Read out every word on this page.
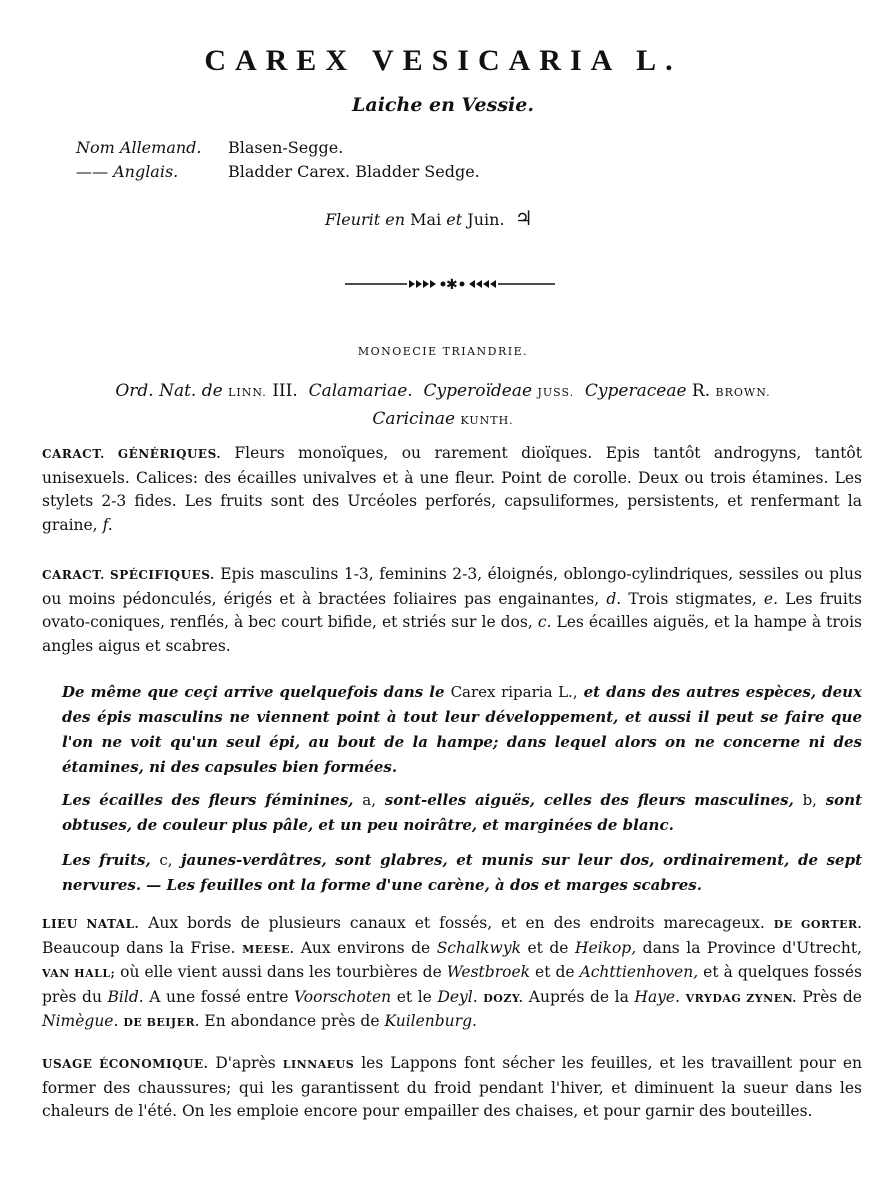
CAREX VESICARIA L.
Laiche en Vessie.
Nom Allemand.	Blasen-Segge.
—— Anglais.	Bladder Carex. Bladder Sedge.
Fleurit en Mai et Juin. ♃
✱
MONOECIE TRIANDRIE.
Ord. Nat. de LINN. III. Calamariae. Cyperoïdeae JUSS. Cyperaceae R. BROWN.
Caricinae KUNTH.

CARACT. GÉNÉRIQUES. Fleurs monoïques, ou rarement dioïques. Epis tantôt androgyns, tantôt unisexuels. Calices: des écailles univalves et à une fleur. Point de corolle. Deux ou trois étamines. Les stylets 2-3 fides. Les fruits sont des Urcéoles perforés, capsuliformes, persistents, et renfermant la graine, f.

CARACT. SPÉCIFIQUES. Epis masculins 1-3, feminins 2-3, éloignés, oblongo-cylindriques, sessiles ou plus ou moins pédonculés, érigés et à bractées foliaires pas engainantes, d. Trois stigmates, e. Les fruits ovato-coniques, renflés, à bec court bifide, et striés sur le dos, c. Les écailles aiguës, et la hampe à trois angles aigus et scabres.

De même que ceçi arrive quelquefois dans le Carex riparia L., et dans des autres espèces, deux des épis masculins ne viennent point à tout leur développement, et aussi il peut se faire que l'on ne voit qu'un seul épi, au bout de la hampe; dans lequel alors on ne concerne ni des étamines, ni des capsules bien formées.

Les écailles des fleurs féminines, a, sont-elles aiguës, celles des fleurs masculines, b, sont obtuses, de couleur plus pâle, et un peu noirâtre, et marginées de blanc.

Les fruits, c, jaunes-verdâtres, sont glabres, et munis sur leur dos, ordinairement, de sept nervures. — Les feuilles ont la forme d'une carène, à dos et marges scabres.

LIEU NATAL. Aux bords de plusieurs canaux et fossés, et en des endroits marecageux. DE GORTER. Beaucoup dans la Frise. MEESE. Aux environs de Schalkwyk et de Heikop, dans la Province d'Utrecht, VAN HALL; où elle vient aussi dans les tourbières de Westbroek et de Achttienhoven, et à quelques fossés près du Bild. A une fossé entre Voorschoten et le Deyl. DOZY. Auprés de la Haye. VRYDAG ZYNEN. Près de Nimègue. DE BEIJER. En abondance près de Kuilenburg.

USAGE ÉCONOMIQUE. D'après LINNAEUS les Lappons font sécher les feuilles, et les travaillent pour en former des chaussures; qui les garantissent du froid pendant l'hiver, et diminuent la sueur dans les chaleurs de l'été. On les emploie encore pour empailler des chaises, et pour garnir des bouteilles.
